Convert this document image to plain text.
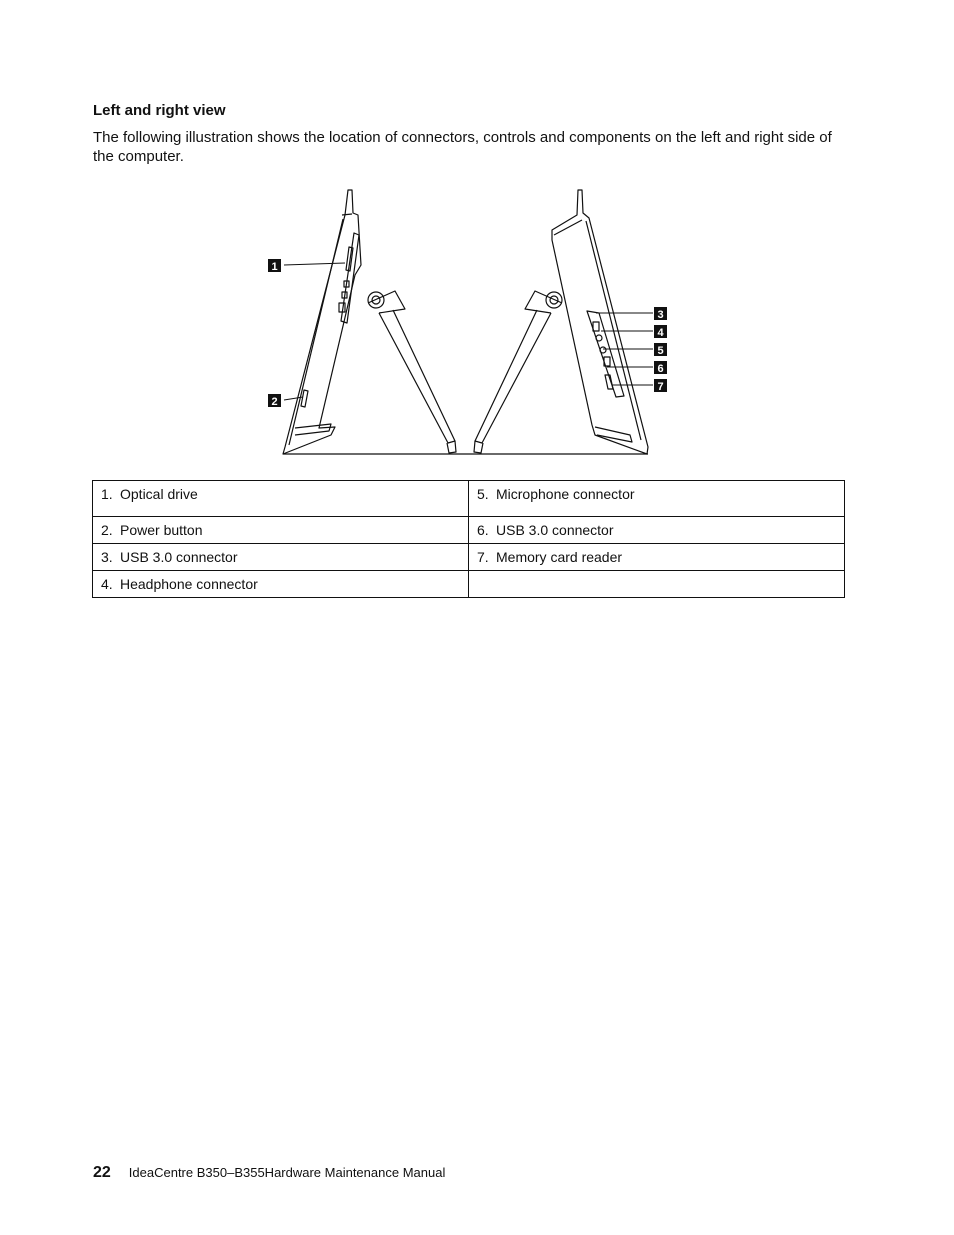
Left and right view
The following illustration shows the location of connectors, controls and components on the left and right side of the computer.
1
2
3
4
5
6
7
1. Optical drive	5. Microphone connector
2. Power button	6. USB 3.0 connector
3. USB 3.0 connector	7. Memory card reader
4. Headphone connector	
22 IdeaCentre B350–B355Hardware Maintenance Manual
